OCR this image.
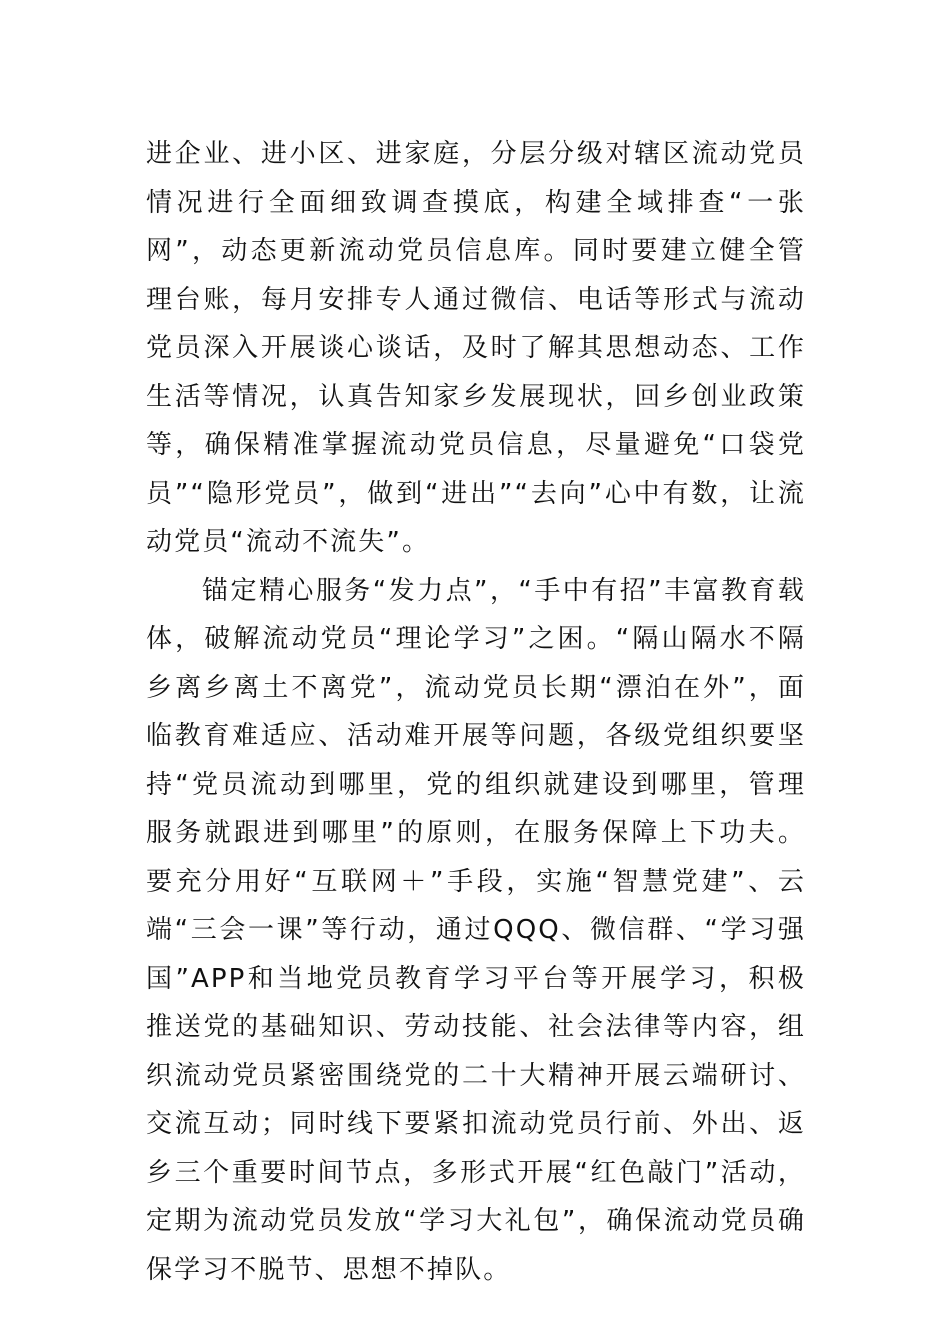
进企业、进小区、进家庭，分层分级对辖区流动党员情况进行全面细致调查摸底，构建全域排查“一张网”，动态更新流动党员信息库。同时要建立健全管理台账，每月安排专人通过微信、电话等形式与流动党员深入开展谈心谈话，及时了解其思想动态、工作生活等情况，认真告知家乡发展现状，回乡创业政策等，确保精准掌握流动党员信息，尽量避免“口袋党员”“隐形党员”，做到“进出”“去向”心中有数，让流动党员“流动不流失”。

锚定精心服务“发力点”，“手中有招”丰富教育载体，破解流动党员“理论学习”之困。“隔山隔水不隔乡离乡离土不离党”，流动党员长期“漂泊在外”，面临教育难适应、活动难开展等问题，各级党组织要坚持“党员流动到哪里，党的组织就建设到哪里，管理服务就跟进到哪里”的原则，在服务保障上下功夫。要充分用好“互联网＋”手段，实施“智慧党建”、云端“三会一课”等行动，通过QQQ、微信群、“学习强国”APP和当地党员教育学习平台等开展学习，积极推送党的基础知识、劳动技能、社会法律等内容，组织流动党员紧密围绕党的二十大精神开展云端研讨、交流互动；同时线下要紧扣流动党员行前、外出、返乡三个重要时间节点，多形式开展“红色敲门”活动，定期为流动党员发放“学习大礼包”，确保流动党员确保学习不脱节、思想不掉队。
